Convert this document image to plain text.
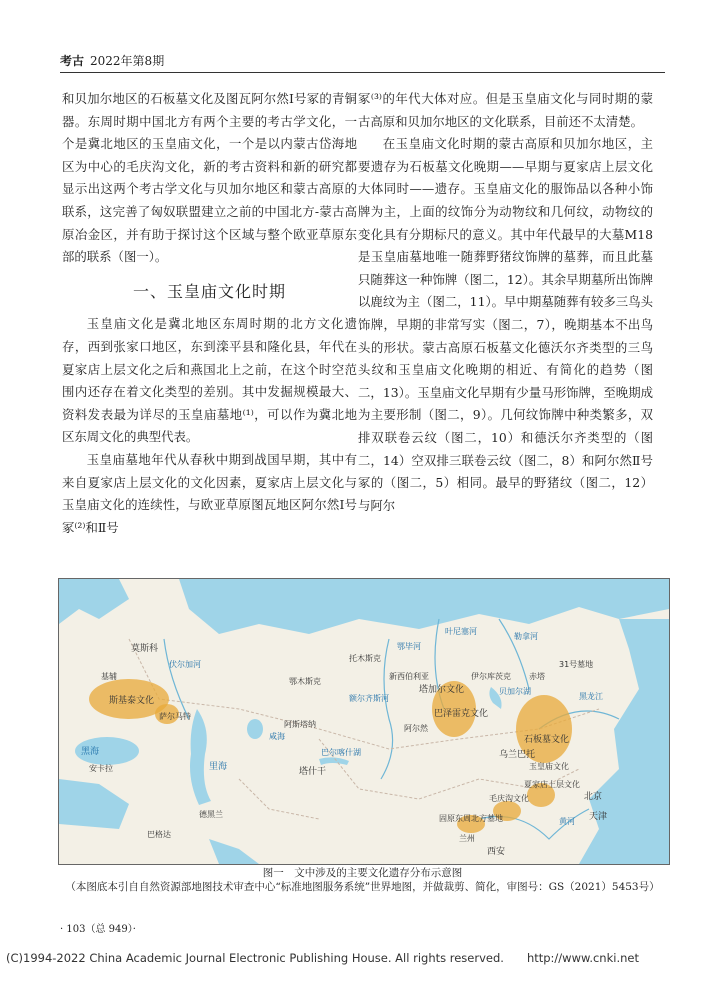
考古 2022年第8期

和贝加尔地区的石板墓文化及图瓦阿尔然Ⅰ号冢的青铜器。东周时期中国北方有两个主要的考古学文化，一个是冀北地区的玉皇庙文化，一个是以内蒙古岱海地区为中心的毛庆沟文化，新的考古资料和新的研究都显示出这两个考古学文化与贝加尔地区和蒙古高原的联系，这完善了匈奴联盟建立之前的中国北方-蒙古高原冶金区，并有助于探讨这个区域与整个欧亚草原东部的联系（图一）。

一、玉皇庙文化时期

玉皇庙文化是冀北地区东周时期的北方文化遗存，西到张家口地区，东到滦平县和隆化县，年代在夏家店上层文化之后和燕国北上之前，在这个时空范围内还存在着文化类型的差别。其中发掘规模最大、资料发表最为详尽的玉皇庙墓地⁽¹⁾，可以作为冀北地区东周文化的典型代表。

玉皇庙墓地年代从春秋中期到战国早期，其中有来自夏家店上层文化的文化因素，夏家店上层文化与玉皇庙文化的连续性，与欧亚草原图瓦地区阿尔然Ⅰ号冢⁽²⁾和Ⅱ号

冢⁽³⁾的年代大体对应。但是玉皇庙文化与同时期的蒙古高原和贝加尔地区的文化联系，目前还不太清楚。

在玉皇庙文化时期的蒙古高原和贝加尔地区，主要遗存为石板墓文化晚期——早期与夏家店上层文化大体同时——遗存。玉皇庙文化的服饰品以各种小饰牌为主，上面的纹饰分为动物纹和几何纹，动物纹的变化具有分期标尺的意义。其中年代最早的大墓Ⅿ18是玉皇庙墓地唯一随葬野猪纹饰牌的墓葬，而且此墓只随葬这一种饰牌（图二，12）。其余早期墓所出饰牌以鹿纹为主（图二，11）。早中期墓随葬有较多三鸟头饰牌，早期的非常写实（图二，7），晚期基本不出鸟头的形状。蒙古高原石板墓文化德沃尔齐类型的三鸟头纹和玉皇庙文化晚期的相近、有简化的趋势（图二，13）。玉皇庙文化早期有少量马形饰牌，至晚期成为主要形制（图二，9）。几何纹饰牌中种类繁多，双排双联卷云纹（图二，10）和德沃尔齐类型的（图二，14）空双排三联卷云纹（图二，8）和阿尔然Ⅱ号冢的（图二，5）相同。最早的野猪纹（图二，12）与阿尔

斯基泰文化
萨尔马特	巴泽雷克文化
塔加尔文化
石板墓文化
夏家店上层文化
玉皇庙文化
毛庆沟文化
固原东周北方墓地
黑海
里海
咸海
贝加尔湖
巴尔喀什湖
黑龙江
伏尔加河
鄂毕河
叶尼塞河
勒拿河
黄河
额尔齐斯河
莫斯科
基辅
塔什干
乌兰巴托
北京
天津
西安
新西伯利亚
巴格达
安卡拉
德黑兰
伊尔库茨克 赤塔
兰州
阿斯塔纳
鄂木斯克
托木斯克
阿尔然
31号墓地
图一　文中涉及的主要文化遗存分布示意图
（本图底本引自自然资源部地图技术审查中心“标准地图服务系统”世界地图，并做裁剪、简化，审图号：GS（2021）5453号）
· 103（总 949）·
(C)1994-2022 China Academic Journal Electronic Publishing House. All rights reserved.　　http://www.cnki.net
